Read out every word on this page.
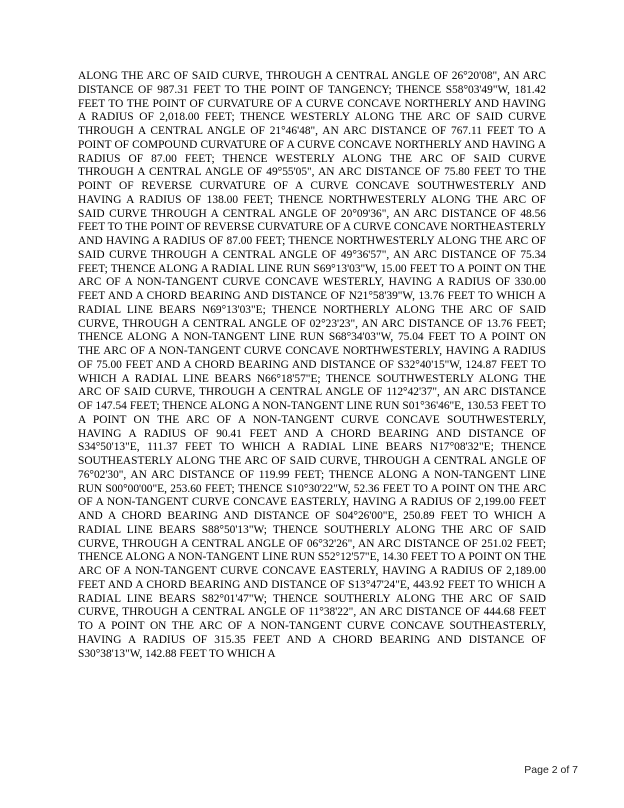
ALONG THE ARC OF SAID CURVE, THROUGH A CENTRAL ANGLE OF 26°20'08", AN ARC DISTANCE OF 987.31 FEET TO THE POINT OF TANGENCY; THENCE S58°03'49"W, 181.42 FEET TO THE POINT OF CURVATURE OF A CURVE CONCAVE NORTHERLY AND HAVING A RADIUS OF 2,018.00 FEET; THENCE WESTERLY ALONG THE ARC OF SAID CURVE THROUGH A CENTRAL ANGLE OF 21°46'48", AN ARC DISTANCE OF 767.11 FEET TO A POINT OF COMPOUND CURVATURE OF A CURVE CONCAVE NORTHERLY AND HAVING A RADIUS OF 87.00 FEET; THENCE WESTERLY ALONG THE ARC OF SAID CURVE THROUGH A CENTRAL ANGLE OF 49°55'05", AN ARC DISTANCE OF 75.80 FEET TO THE POINT OF REVERSE CURVATURE OF A CURVE CONCAVE SOUTHWESTERLY AND HAVING A RADIUS OF 138.00 FEET; THENCE NORTHWESTERLY ALONG THE ARC OF SAID CURVE THROUGH A CENTRAL ANGLE OF 20°09'36", AN ARC DISTANCE OF 48.56 FEET TO THE POINT OF REVERSE CURVATURE OF A CURVE CONCAVE NORTHEASTERLY AND HAVING A RADIUS OF 87.00 FEET; THENCE NORTHWESTERLY ALONG THE ARC OF SAID CURVE THROUGH A CENTRAL ANGLE OF 49°36'57", AN ARC DISTANCE OF 75.34 FEET; THENCE ALONG A RADIAL LINE RUN S69°13'03"W, 15.00 FEET TO A POINT ON THE ARC OF A NON-TANGENT CURVE CONCAVE WESTERLY, HAVING A RADIUS OF 330.00 FEET AND A CHORD BEARING AND DISTANCE OF N21°58'39"W, 13.76 FEET TO WHICH A RADIAL LINE BEARS N69°13'03"E; THENCE NORTHERLY ALONG THE ARC OF SAID CURVE, THROUGH A CENTRAL ANGLE OF 02°23'23", AN ARC DISTANCE OF 13.76 FEET; THENCE ALONG A NON-TANGENT LINE RUN S68°34'03"W, 75.04 FEET TO A POINT ON THE ARC OF A NON-TANGENT CURVE CONCAVE NORTHWESTERLY, HAVING A RADIUS OF 75.00 FEET AND A CHORD BEARING AND DISTANCE OF S32°40'15"W, 124.87 FEET TO WHICH A RADIAL LINE BEARS N66°18'57"E; THENCE SOUTHWESTERLY ALONG THE ARC OF SAID CURVE, THROUGH A CENTRAL ANGLE OF 112°42'37", AN ARC DISTANCE OF 147.54 FEET; THENCE ALONG A NON-TANGENT LINE RUN S01°36'46"E, 130.53 FEET TO A POINT ON THE ARC OF A NON-TANGENT CURVE CONCAVE SOUTHWESTERLY, HAVING A RADIUS OF 90.41 FEET AND A CHORD BEARING AND DISTANCE OF S34°50'13"E, 111.37 FEET TO WHICH A RADIAL LINE BEARS N17°08'32"E; THENCE SOUTHEASTERLY ALONG THE ARC OF SAID CURVE, THROUGH A CENTRAL ANGLE OF 76°02'30", AN ARC DISTANCE OF 119.99 FEET; THENCE ALONG A NON-TANGENT LINE RUN S00°00'00"E, 253.60 FEET; THENCE S10°30'22"W, 52.36 FEET TO A POINT ON THE ARC OF A NON-TANGENT CURVE CONCAVE EASTERLY, HAVING A RADIUS OF 2,199.00 FEET AND A CHORD BEARING AND DISTANCE OF S04°26'00"E, 250.89 FEET TO WHICH A RADIAL LINE BEARS S88°50'13"W; THENCE SOUTHERLY ALONG THE ARC OF SAID CURVE, THROUGH A CENTRAL ANGLE OF 06°32'26", AN ARC DISTANCE OF 251.02 FEET; THENCE ALONG A NON-TANGENT LINE RUN S52°12'57"E, 14.30 FEET TO A POINT ON THE ARC OF A NON-TANGENT CURVE CONCAVE EASTERLY, HAVING A RADIUS OF 2,189.00 FEET AND A CHORD BEARING AND DISTANCE OF S13°47'24"E, 443.92 FEET TO WHICH A RADIAL LINE BEARS S82°01'47"W; THENCE SOUTHERLY ALONG THE ARC OF SAID CURVE, THROUGH A CENTRAL ANGLE OF 11°38'22", AN ARC DISTANCE OF 444.68 FEET TO A POINT ON THE ARC OF A NON-TANGENT CURVE CONCAVE SOUTHEASTERLY, HAVING A RADIUS OF 315.35 FEET AND A CHORD BEARING AND DISTANCE OF S30°38'13"W, 142.88 FEET TO WHICH A

Page 2 of 7
